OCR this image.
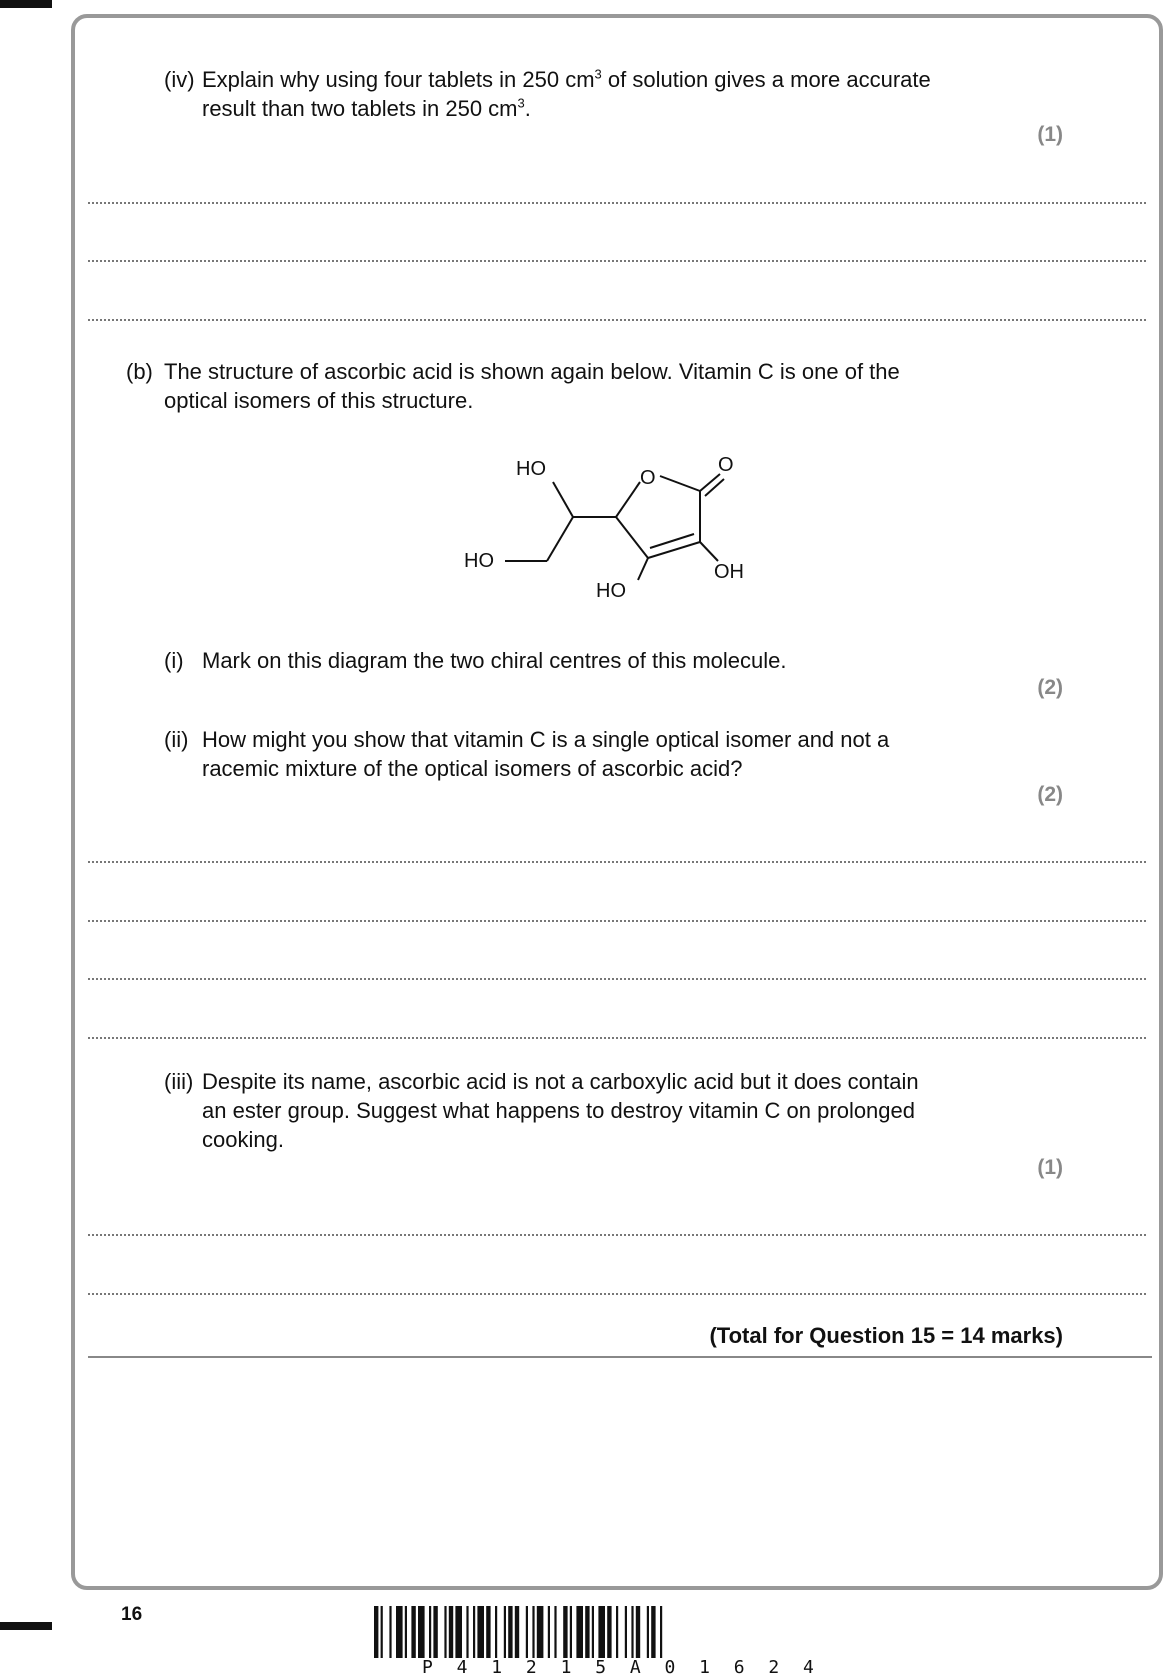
(iv) Explain why using four tablets in 250 $cm^3$ of solution gives a more accurate
result than two tablets in 250 $cm^3$.
(1)
(b) The structure of ascorbic acid is shown again below. Vitamin C is one of the
optical isomers of this structure.
HO
HO
HO
OH
O
O
(i) Mark on this diagram the two chiral centres of this molecule.
(2)
(ii) How might you show that vitamin C is a single optical isomer and not a
racemic mixture of the optical isomers of ascorbic acid?
(2)
(iii) Despite its name, ascorbic acid is not a carboxylic acid but it does contain
an ester group. Suggest what happens to destroy vitamin C on prolonged
cooking.
(1)
(Total for Question 15 = 14 marks)
16
P 4 1 2 1 5 A 0 1 6 2 4
